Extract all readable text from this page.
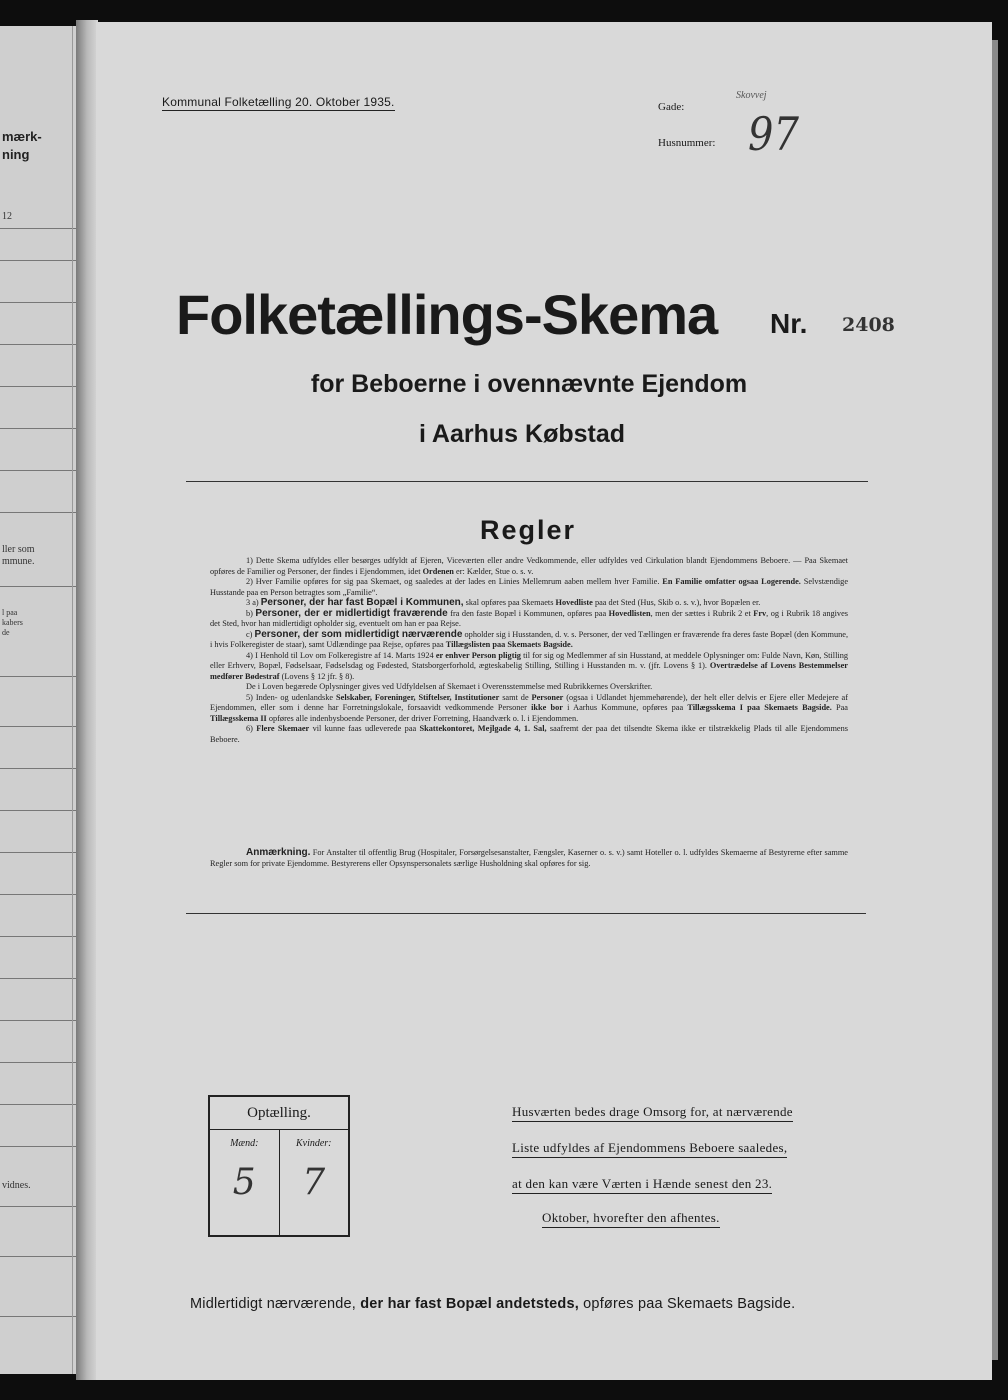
mærk-
ning
12
ller som
mmune.
l paa
kabers
de
vidnes.
Kommunal Folketælling 20. Oktober 1935.	Gade:
Skovvej
Husnummer: 97
Folketællings-Skema Nr. 2408
for Beboerne i ovennævnte Ejendom
i Aarhus Købstad
Regler

1) Dette Skema udfyldes eller besørges udfyldt af Ejeren, Viceværten eller andre Vedkommende, eller udfyldes ved Cirkulation blandt Ejendommens Beboere. — Paa Skemaet opføres de Familier og Personer, der findes i Ejendommen, idet Ordenen er: Kælder, Stue o. s. v.

2) Hver Familie opføres for sig paa Skemaet, og saaledes at der lades en Linies Mellemrum aaben mellem hver Familie. En Familie omfatter ogsaa Logerende. Selvstændige Husstande paa en Person betragtes som „Familie“.

3 a) Personer, der har fast Bopæl i Kommunen, skal opføres paa Skemaets Hovedliste paa det Sted (Hus, Skib o. s. v.), hvor Bopælen er.

b) Personer, der er midlertidigt fraværende fra den faste Bopæl i Kommunen, opføres paa Hovedlisten, men der sættes i Rubrik 2 et Frv, og i Rubrik 18 angives det Sted, hvor han midlertidigt opholder sig, eventuelt om han er paa Rejse.

c) Personer, der som midlertidigt nærværende opholder sig i Husstanden, d. v. s. Personer, der ved Tællingen er fraværende fra deres faste Bopæl (den Kommune, i hvis Folkeregister de staar), samt Udlændinge paa Rejse, opføres paa Tillægslisten paa Skemaets Bagside.

4) I Henhold til Lov om Folkeregistre af 14. Marts 1924 er enhver Person pligtig til for sig og Medlemmer af sin Husstand, at meddele Oplysninger om: Fulde Navn, Køn, Stilling eller Erhverv, Bopæl, Fødselsaar, Fødselsdag og Fødested, Statsborgerforhold, ægteskabelig Stilling, Stilling i Husstanden m. v. (jfr. Lovens § 1). Overtrædelse af Lovens Bestemmelser medfører Bødestraf (Lovens § 12 jfr. § 8).

De i Loven begærede Oplysninger gives ved Udfyldelsen af Skemaet i Overensstemmelse med Rubrikkernes Overskrifter.

5) Inden- og udenlandske Selskaber, Foreninger, Stiftelser, Institutioner samt de Personer (ogsaa i Udlandet hjemmehørende), der helt eller delvis er Ejere eller Medejere af Ejendommen, eller som i denne har Forretningslokale, forsaavidt vedkommende Personer ikke bor i Aarhus Kommune, opføres paa Tillægsskema I paa Skemaets Bagside. Paa Tillægsskema II opføres alle indenbysboende Personer, der driver Forretning, Haandværk o. l. i Ejendommen.

6) Flere Skemaer vil kunne faas udleverede paa Skattekontoret, Mejlgade 4, 1. Sal, saafremt der paa det tilsendte Skema ikke er tilstrækkelig Plads til alle Ejendommens Beboere.

Anmærkning. For Anstalter til offentlig Brug (Hospitaler, Forsørgelsesanstalter, Fængsler, Kaserner o. s. v.) samt Hoteller o. l. udfyldes Skemaerne af Bestyrerne efter samme Regler som for private Ejendomme. Bestyrerens eller Opsynspersonalets særlige Husholdning skal opføres for sig.
Optælling.
Mænd:
5
Kvinder:
7
Husværten bedes drage Omsorg for, at nærværende
Liste udfyldes af Ejendommens Beboere saaledes,
at den kan være Værten i Hænde senest den 23.
Oktober, hvorefter den afhentes.
Midlertidigt nærværende, der har fast Bopæl andetsteds, opføres paa Skemaets Bagside.
